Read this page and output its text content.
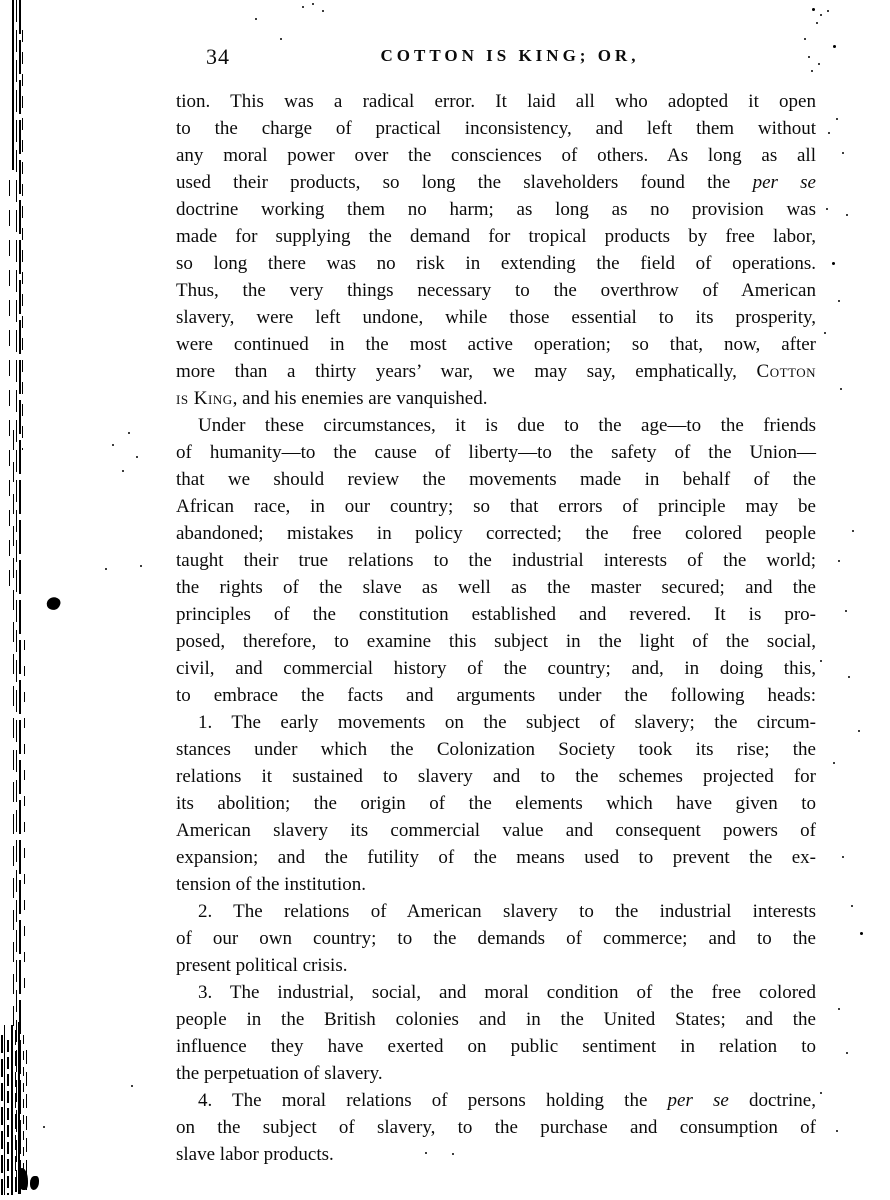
34	COTTON IS KING; OR,
tion. This was a radical error. It laid all who adopted it open
to the charge of practical inconsistency, and left them without
any moral power over the consciences of others. As long as all
used their products, so long the slaveholders found the per se
doctrine working them no harm; as long as no provision was
made for supplying the demand for tropical products by free labor,
so long there was no risk in extending the field of operations.
Thus, the very things necessary to the overthrow of American
slavery, were left undone, while those essential to its prosperity,
were continued in the most active operation; so that, now, after
more than a thirty years’ war, we may say, emphatically, Cotton
is King, and his enemies are vanquished.
Under these circumstances, it is due to the age—to the friends
of humanity—to the cause of liberty—to the safety of the Union—
that we should review the movements made in behalf of the
African race, in our country; so that errors of principle may be
abandoned; mistakes in policy corrected; the free colored people
taught their true relations to the industrial interests of the world;
the rights of the slave as well as the master secured; and the
principles of the constitution established and revered. It is pro-
posed, therefore, to examine this subject in the light of the social,
civil, and commercial history of the country; and, in doing this,
to embrace the facts and arguments under the following heads:
1. The early movements on the subject of slavery; the circum-
stances under which the Colonization Society took its rise; the
relations it sustained to slavery and to the schemes projected for
its abolition; the origin of the elements which have given to
American slavery its commercial value and consequent powers of
expansion; and the futility of the means used to prevent the ex-
tension of the institution.
2. The relations of American slavery to the industrial interests
of our own country; to the demands of commerce; and to the
present political crisis.
3. The industrial, social, and moral condition of the free colored
people in the British colonies and in the United States; and the
influence they have exerted on public sentiment in relation to
the perpetuation of slavery.
4. The moral relations of persons holding the per se doctrine,
on the subject of slavery, to the purchase and consumption of
slave labor products.
